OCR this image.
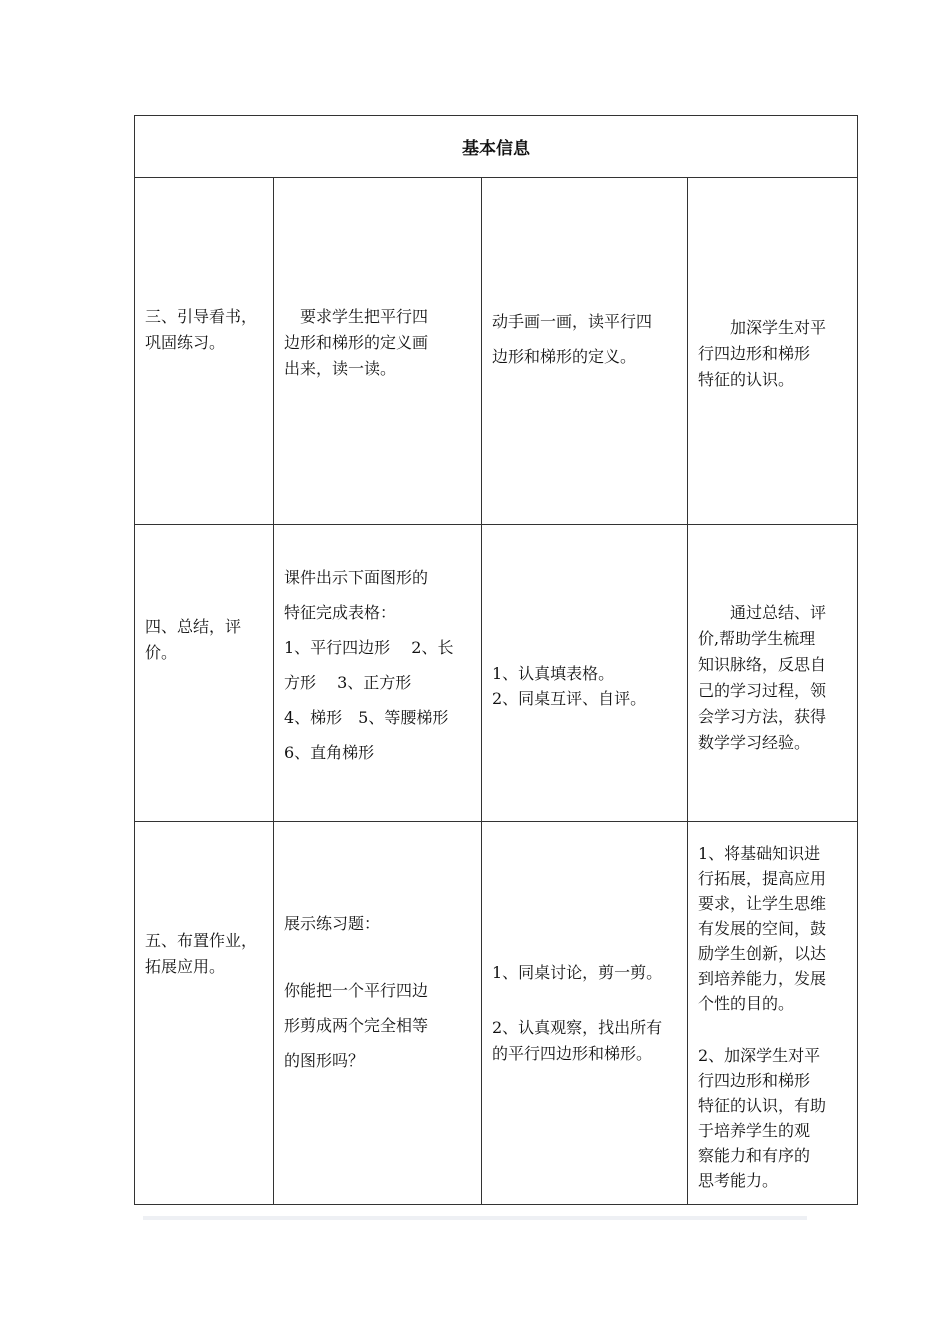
基本信息
三、引导看书，
巩固练习。
　要求学生把平行四
边形和梯形的定义画
出来，读一读。
动手画一画，读平行四
边形和梯形的定义。
　　加深学生对平
行四边形和梯形
特征的认识。
四、总结，评
价。
课件出示下面图形的
特征完成表格：
1、平行四边形　 2、长
方形　 3、正方形
4、梯形　5、等腰梯形
6、直角梯形
1、认真填表格。
2、同桌互评、自评。
　　通过总结、评
价,帮助学生梳理
知识脉络，反思自
己的学习过程，领
会学习方法，获得
数学学习经验。
五、布置作业，
拓展应用。
展示练习题：
你能把一个平行四边
形剪成两个完全相等
的图形吗？
1、同桌讨论，剪一剪。
2、认真观察，找出所有
的平行四边形和梯形。
1、将基础知识进
行拓展，提高应用
要求，让学生思维
有发展的空间，鼓
励学生创新，以达
到培养能力，发展
个性的目的。
2、加深学生对平
行四边形和梯形
特征的认识，有助
于培养学生的观
察能力和有序的
思考能力。
